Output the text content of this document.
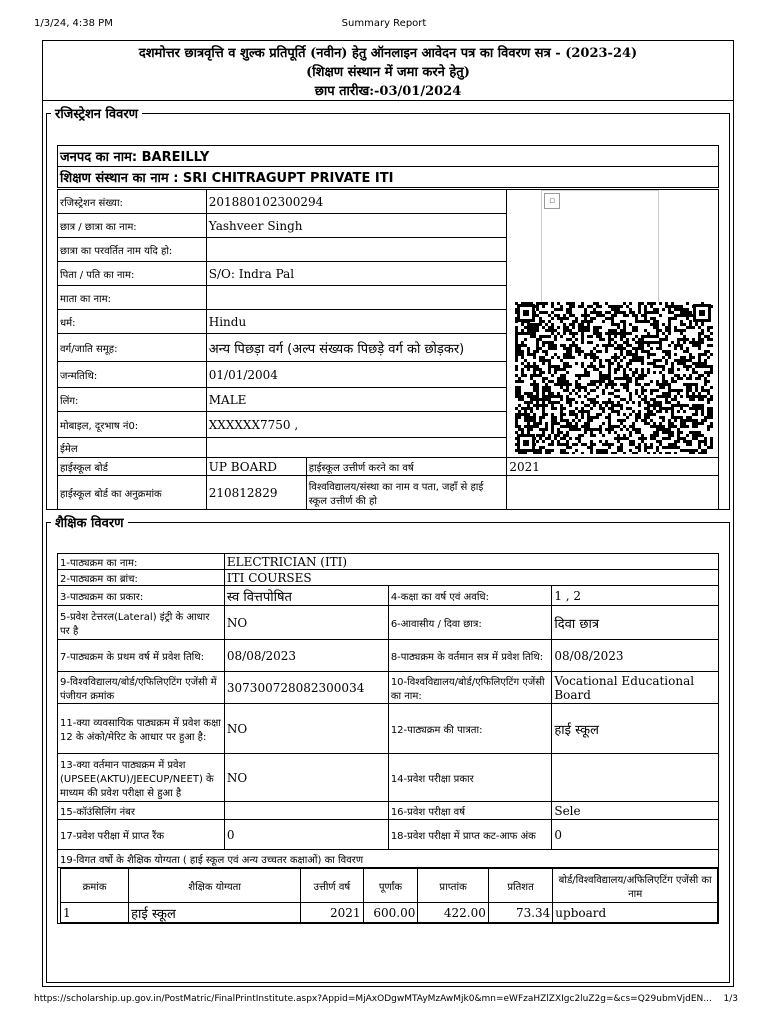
1/3/24, 4:38 PM	Summary Report
दशमोत्तर छात्रवृत्ति व शुल्क प्रतिपूर्ति (नवीन) हेतु ऑनलाइन आवेदन पत्र का विवरण सत्र - (2023-24)
(शिक्षण संस्थान में जमा करने हेतु)
छाप तारीख:-03/01/2024
रजिस्ट्रेशन विवरण
जनपद का नाम: BAREILLY
शिक्षण संस्थान का नाम : SRI CHITRAGUPT PRIVATE ITI
रजिस्ट्रेशन संख्या:	201880102300294		
छात्र / छात्रा का नाम:	Yashveer Singh		
छात्रा का परवर्तित नाम यदि हो:			
पिता / पति का नाम:	S/O: Indra Pal		
माता का नाम:			
धर्म:	Hindu		
वर्ग/जाति समूह:	अन्य पिछड़ा वर्ग (अल्प संख्यक पिछड़े वर्ग को छोड़कर)		
जन्मतिथि:	01/01/2004		
लिंग:	MALE		
मोबाइल, दूरभाष नं0:	XXXXXX7750 ,		
ईमेल			
हाईस्कूल बोर्ड	UP BOARD	हाईस्कूल उत्तीर्ण करने का वर्ष	2021
हाईस्कूल बोर्ड का अनुक्रमांक	210812829	विश्वविद्यालय/संस्था का नाम व पता, जहाँ से हाई स्कूल उत्तीर्ण की हो	
▫
शैक्षिक विवरण
1-पाठ्यक्रम का नाम:	ELECTRICIAN (ITI)
2-पाठ्यक्रम का ब्रांच:	ITI COURSES
3-पाठ्यक्रम का प्रकार:	स्व वित्तपोषित	4-कक्षा का वर्ष एवं अवधि:	1 , 2
5-प्रवेश टेत्तरल(Lateral) इंट्री के आधार पर है	NO	6-आवासीय / दिवा छात्र:	दिवा छात्र
7-पाठ्यक्रम के प्रथम वर्ष में प्रवेश तिथि:	08/08/2023	8-पाठ्यक्रम के वर्तमान सत्र में प्रवेश तिथि:	08/08/2023
9-विश्वविद्यालय/बोर्ड/एफिलिएटिंग एजेंसी में पंजीयन क्रमांक	307300728082300034	10-विश्वविद्यालय/बोर्ड/एफिलिएटिंग एजेंसी का नाम:	Vocational Educational Board
11-क्या व्यवसायिक पाठ्यक्रम में प्रवेश कक्षा 12 के अंको/मेरिट के आधार पर हुआ है:	NO	12-पाठ्यक्रम की पात्रता:	हाई स्कूल
13-क्या वर्तमान पाठ्यक्रम में प्रवेश (UPSEE(AKTU)/JEECUP/NEET) के माध्यम की प्रवेश परीक्षा से हुआ है	NO	14-प्रवेश परीक्षा प्रकार	
15-कॉउंसिलिंग नंबर		16-प्रवेश परीक्षा वर्ष	Sele
17-प्रवेश परीक्षा में प्राप्त रैंक	0	18-प्रवेश परीक्षा में प्राप्त कट-आफ अंक	0
19-विगत वर्षो के शैक्षिक योग्यता ( हाई स्कूल एवं अन्य उच्चतर कक्षाओं) का विवरण

क्रमांक	शैक्षिक योग्यता	उत्तीर्ण वर्ष	पूर्णांक	प्राप्तांक	प्रतिशत	बोर्ड/विश्वविद्यालय/अफिलिएटिंग एजेंसी का नाम
1	हाई स्कूल	2021	600.00	422.00	73.34	upboard
https://scholarship.up.gov.in/PostMatric/FinalPrintInstitute.aspx?Appid=MjAxODgwMTAyMzAwMjk0&mn=eWFzaHZlZXIgc2luZ2g=&cs=Q29ubmVjdEN... 1/3
